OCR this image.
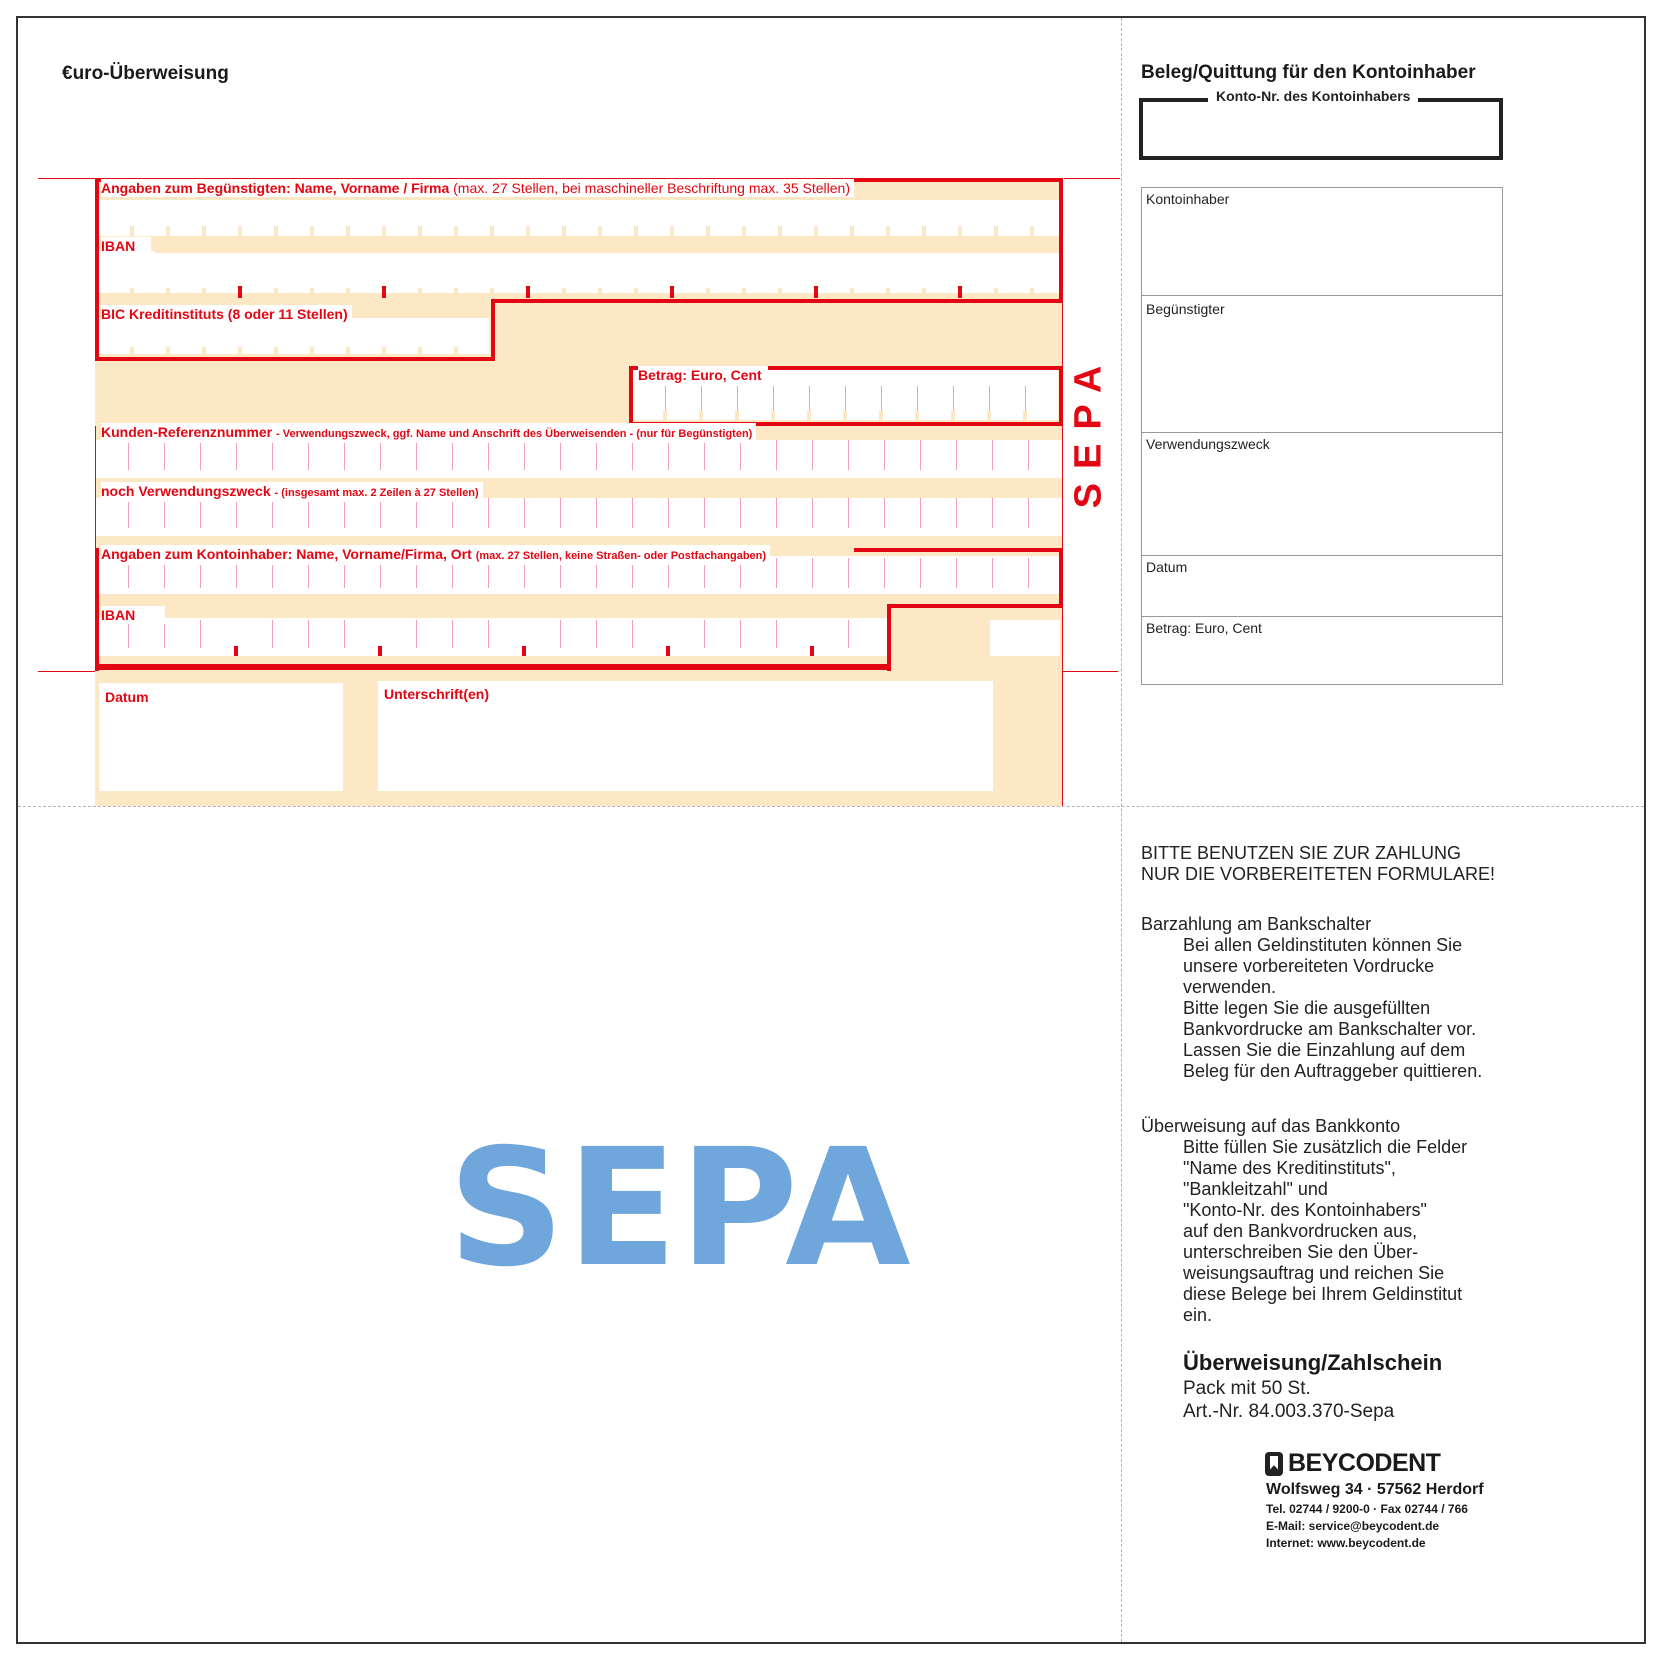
€uro-Überweisung
Angaben zum Begünstigten: Name, Vorname / Firma (max. 27 Stellen, bei maschineller Beschriftung max. 35 Stellen)
IBAN
BIC Kreditinstituts (8 oder 11 Stellen)
Betrag: Euro, Cent
Kunden-Referenznummer - Verwendungszweck, ggf. Name und Anschrift des Überweisenden - (nur für Begünstigten)
noch Verwendungszweck - (insgesamt max. 2 Zeilen à 27 Stellen)
Angaben zum Kontoinhaber: Name, Vorname/Firma, Ort (max. 27 Stellen, keine Straßen- oder Postfachangaben)
IBAN
Datum	Unterschrift(en)
SEPA
Beleg/Quittung für den Kontoinhaber
Konto-Nr. des Kontoinhabers
Kontoinhaber
Begünstigter
Verwendungszweck
Datum
Betrag: Euro, Cent
SEPA
BITTE BENUTZEN SIE ZUR ZAHLUNG
NUR DIE VORBEREITETEN FORMULARE!
Barzahlung am Bankschalter
Bei allen Geldinstituten können Sie
unsere vorbereiteten Vordrucke
verwenden.
Bitte legen Sie die ausgefüllten
Bankvordrucke am Bankschalter vor.
Lassen Sie die Einzahlung auf dem
Beleg für den Auftraggeber quittieren.
Überweisung auf das Bankkonto
Bitte füllen Sie zusätzlich die Felder
"Name des Kreditinstituts",
"Bankleitzahl" und
"Konto-Nr. des Kontoinhabers"
auf den Bankvordrucken aus,
unterschreiben Sie den Über-
weisungsauftrag und reichen Sie
diese Belege bei Ihrem Geldinstitut
ein.
Überweisung/Zahlschein
Pack mit 50 St.
Art.-Nr. 84.003.370-Sepa
BEYCODENT
Wolfsweg 34 · 57562 Herdorf
Tel. 02744 / 9200-0 · Fax 02744 / 766
E-Mail: service@beycodent.de
Internet: www.beycodent.de
